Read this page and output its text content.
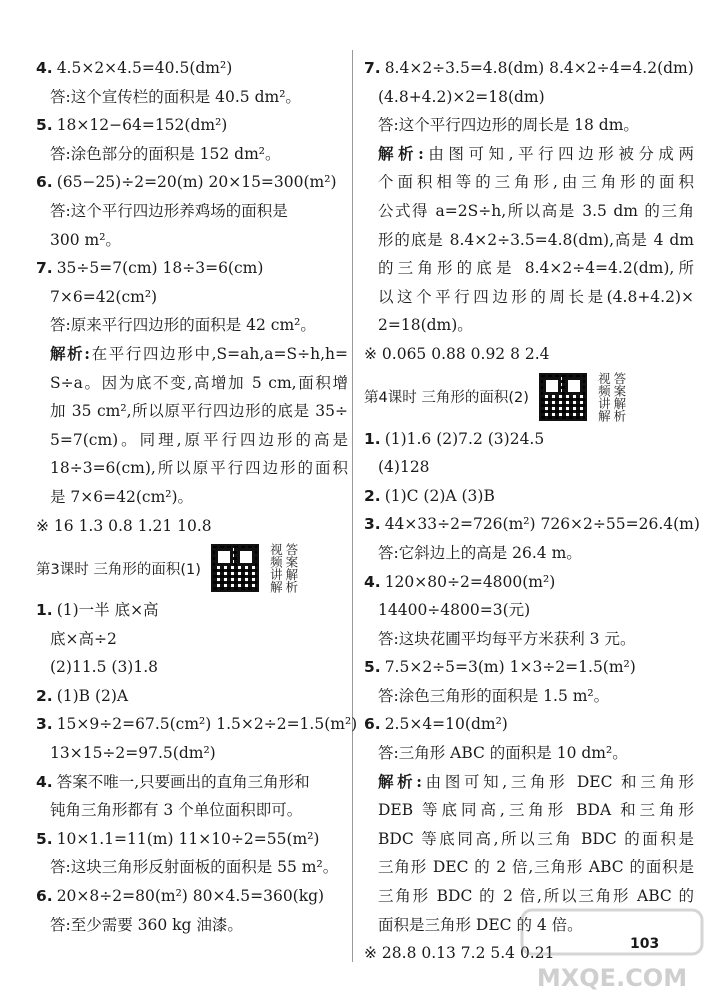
4. 4.5×2×4.5=40.5(dm²)
答:这个宣传栏的面积是 40.5 dm²。
5. 18×12−64=152(dm²)
答:涂色部分的面积是 152 dm²。
6. (65−25)÷2=20(m) 20×15=300(m²)
答:这个平行四边形养鸡场的面积是
300 m²。
7. 35÷5=7(cm) 18÷3=6(cm)
7×6=42(cm²)
答:原来平行四边形的面积是 42 cm²。
解析:在平行四边形中,S=ah,a=S÷h,h=
S÷a。因为底不变,高增加 5 cm,面积增
加 35 cm²,所以原平行四边形的底是 35÷
5=7(cm)。同理,原平行四边形的高是
18÷3=6(cm),所以原平行四边形的面积
是 7×6=42(cm²)。
※ 16 1.3 0.8 1.21 10.8
第3课时 三角形的面积(1)	视频讲解 答案解析
1. (1)一半 底×高
底×高÷2
(2)11.5 (3)1.8
2. (1)B (2)A
3. 15×9÷2=67.5(cm²) 1.5×2÷2=1.5(m²)
13×15÷2=97.5(dm²)
4. 答案不唯一,只要画出的直角三角形和
钝角三角形都有 3 个单位面积即可。
5. 10×1.1=11(m) 11×10÷2=55(m²)
答:这块三角形反射面板的面积是 55 m²。
6. 20×8÷2=80(m²) 80×4.5=360(kg)
答:至少需要 360 kg 油漆。
7. 8.4×2÷3.5=4.8(dm) 8.4×2÷4=4.2(dm)
(4.8+4.2)×2=18(dm)
答:这个平行四边形的周长是 18 dm。
解析:由图可知,平行四边形被分成两
个面积相等的三角形,由三角形的面积
公式得 a=2S÷h,所以高是 3.5 dm 的三角
形的底是 8.4×2÷3.5=4.8(dm),高是 4 dm
的三角形的底是 8.4×2÷4=4.2(dm),所
以这个平行四边形的周长是(4.8+4.2)×
2=18(dm)。
※ 0.065 0.88 0.92 8 2.4
第4课时 三角形的面积(2)	视频讲解 答案解析
1. (1)1.6 (2)7.2 (3)24.5
(4)128
2. (1)C (2)A (3)B
3. 44×33÷2=726(m²) 726×2÷55=26.4(m)
答:它斜边上的高是 26.4 m。
4. 120×80÷2=4800(m²)
14400÷4800=3(元)
答:这块花圃平均每平方米获利 3 元。
5. 7.5×2÷5=3(m) 1×3÷2=1.5(m²)
答:涂色三角形的面积是 1.5 m²。
6. 2.5×4=10(dm²)
答:三角形 ABC 的面积是 10 dm²。
解析:由图可知,三角形 DEC 和三角形
DEB 等底同高,三角形 BDA 和三角形
BDC 等底同高,所以三角 BDC 的面积是
三角形 DEC 的 2 倍,三角形 ABC 的面积是
三角形 BDC 的 2 倍,所以三角形 ABC 的
面积是三角形 DEC 的 4 倍。
※ 28.8 0.13 7.2 5.4 0.21
103
MXQE.COM
